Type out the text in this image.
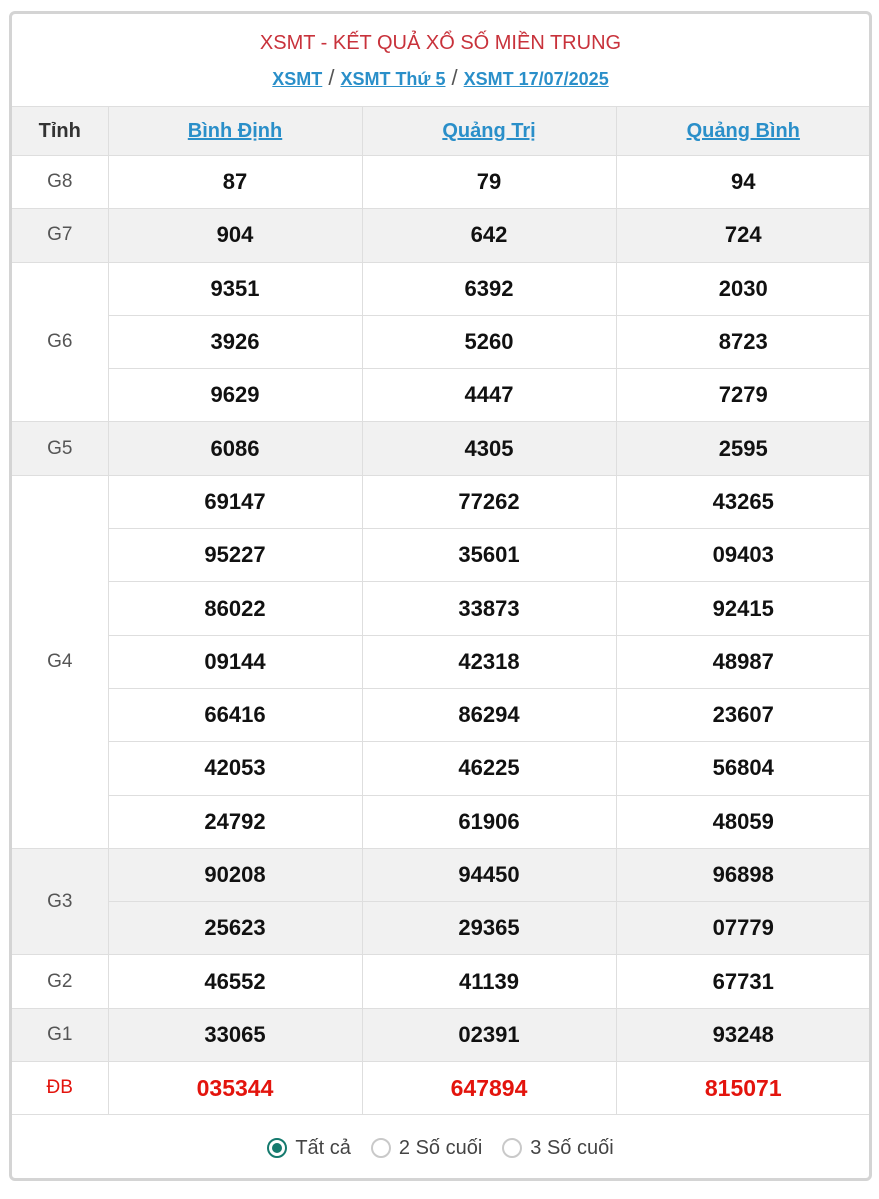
XSMT - KẾT QUẢ XỔ SỐ MIỀN TRUNG
XSMT / XSMT Thứ 5 / XSMT 17/07/2025
Tỉnh	Bình Định	Quảng Trị	Quảng Bình
G8	87	79	94
G7	904	642	724
G6	9351	6392	2030
	3926	5260	8723
	9629	4447	7279
G5	6086	4305	2595
G4	69147	77262	43265
	95227	35601	09403
	86022	33873	92415
	09144	42318	48987
	66416	86294	23607
	42053	46225	56804
	24792	61906	48059
G3	90208	94450	96898
	25623	29365	07779
G2	46552	41139	67731
G1	33065	02391	93248
ĐB	035344	647894	815071
Tất cả 2 Số cuối 3 Số cuối
